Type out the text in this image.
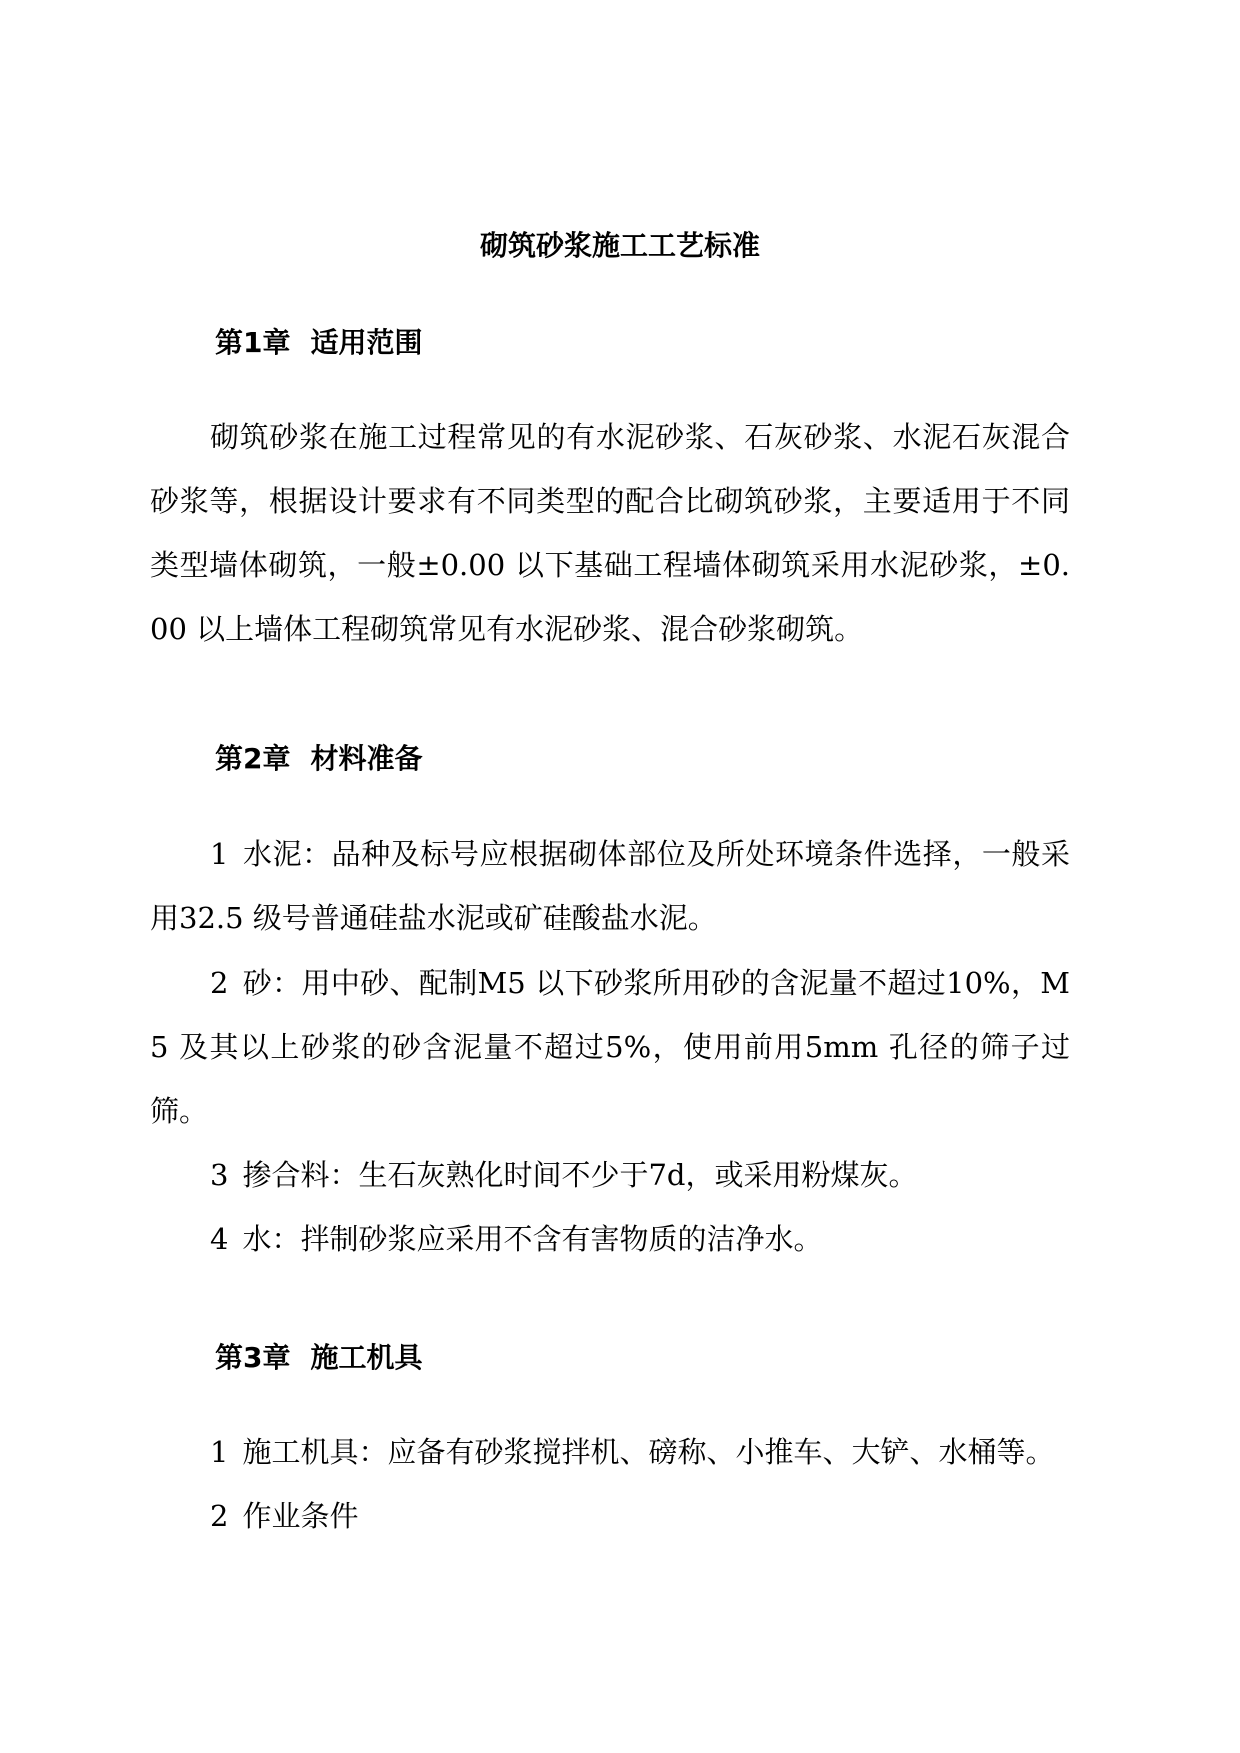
砌筑砂浆施工工艺标准
第1章 适用范围
砌筑砂浆在施工过程常见的有水泥砂浆、石灰砂浆、水泥石灰混合砂浆等，根据设计要求有不同类型的配合比砌筑砂浆，主要适用于不同类型墙体砌筑，一般±0.00 以下基础工程墙体砌筑采用水泥砂浆，±0.00 以上墙体工程砌筑常见有水泥砂浆、混合砂浆砌筑。
第2章 材料准备
1 水泥：品种及标号应根据砌体部位及所处环境条件选择，一般采用32.5 级号普通硅盐水泥或矿硅酸盐水泥。
2 砂：用中砂、配制M5 以下砂浆所用砂的含泥量不超过10%，M5 及其以上砂浆的砂含泥量不超过5%，使用前用5mm 孔径的筛子过筛。
3 掺合料：生石灰熟化时间不少于7d，或采用粉煤灰。
4 水：拌制砂浆应采用不含有害物质的洁净水。
第3章 施工机具
1 施工机具：应备有砂浆搅拌机、磅称、小推车、大铲、水桶等。
2 作业条件
